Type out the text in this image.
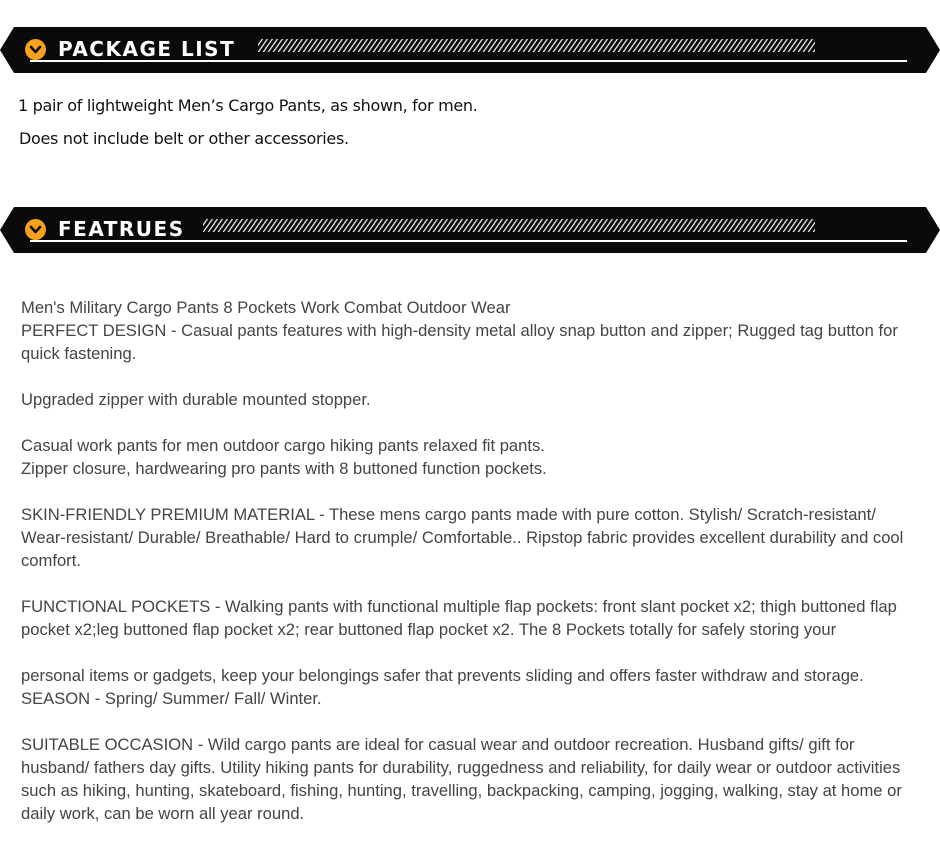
PACKAGE LIST
1 pair of lightweight Men’s Cargo Pants, as shown, for men.
Does not include belt or other accessories.
FEATRUES
Men's Military Cargo Pants 8 Pockets Work Combat Outdoor Wear
PERFECT DESIGN - Casual pants features with high-density metal alloy snap button and zipper; Rugged tag button for
quick fastening.
Upgraded zipper with durable mounted stopper.
Casual work pants for men outdoor cargo hiking pants relaxed fit pants.
Zipper closure, hardwearing pro pants with 8 buttoned function pockets.
SKIN-FRIENDLY PREMIUM MATERIAL - These mens cargo pants made with pure cotton. Stylish/ Scratch-resistant/
Wear-resistant/ Durable/ Breathable/ Hard to crumple/ Comfortable.. Ripstop fabric provides excellent durability and cool
comfort.
FUNCTIONAL POCKETS - Walking pants with functional multiple flap pockets: front slant pocket x2; thigh buttoned flap
pocket x2;leg buttoned flap pocket x2; rear buttoned flap pocket x2. The 8 Pockets totally for safely storing your
personal items or gadgets, keep your belongings safer that prevents sliding and offers faster withdraw and storage.
SEASON - Spring/ Summer/ Fall/ Winter.
SUITABLE OCCASION - Wild cargo pants are ideal for casual wear and outdoor recreation. Husband gifts/ gift for
husband/ fathers day gifts. Utility hiking pants for durability, ruggedness and reliability, for daily wear or outdoor activities
such as hiking, hunting, skateboard, fishing, hunting, travelling, backpacking, camping, jogging, walking, stay at home or
daily work, can be worn all year round.
